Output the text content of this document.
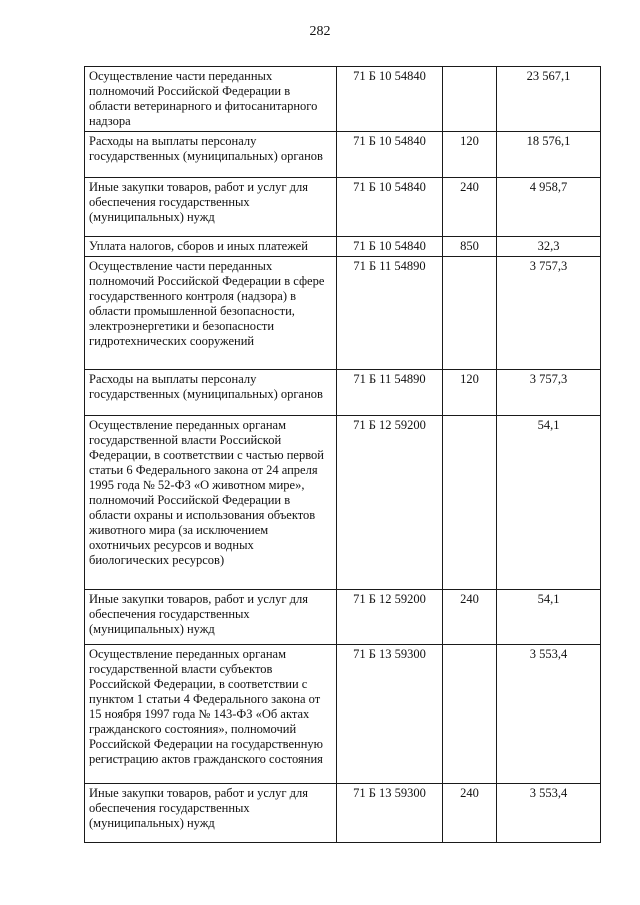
282
Осуществление части переданных полномочий Российской Федерации в области ветеринарного и фитосанитарного надзора	71 Б 10 54840		23 567,1
Расходы на выплаты персоналу государственных (муниципальных) органов	71 Б 10 54840	120	18 576,1
Иные закупки товаров, работ и услуг для обеспечения государственных (муниципальных) нужд	71 Б 10 54840	240	4 958,7
Уплата налогов, сборов и иных платежей	71 Б 10 54840	850	32,3
Осуществление части переданных полномочий Российской Федерации в сфере государственного контроля (надзора) в области промышленной безопасности, электроэнергетики и безопасности гидротехнических сооружений	71 Б 11 54890		3 757,3
Расходы на выплаты персоналу государственных (муниципальных) органов	71 Б 11 54890	120	3 757,3
Осуществление переданных органам государственной власти Российской Федерации, в соответствии с частью первой статьи 6 Федерального закона от 24 апреля 1995 года № 52-ФЗ «О животном мире», полномочий Российской Федерации в области охраны и использования объектов животного мира (за исключением охотничьих ресурсов и водных биологических ресурсов)	71 Б 12 59200		54,1
Иные закупки товаров, работ и услуг для обеспечения государственных (муниципальных) нужд	71 Б 12 59200	240	54,1
Осуществление переданных органам государственной власти субъектов Российской Федерации, в соответствии с пунктом 1 статьи 4 Федерального закона от 15 ноября 1997 года № 143-ФЗ «Об актах гражданского состояния», полномочий Российской Федерации на государственную регистрацию актов гражданского состояния	71 Б 13 59300		3 553,4
Иные закупки товаров, работ и услуг для обеспечения государственных (муниципальных) нужд	71 Б 13 59300	240	3 553,4
